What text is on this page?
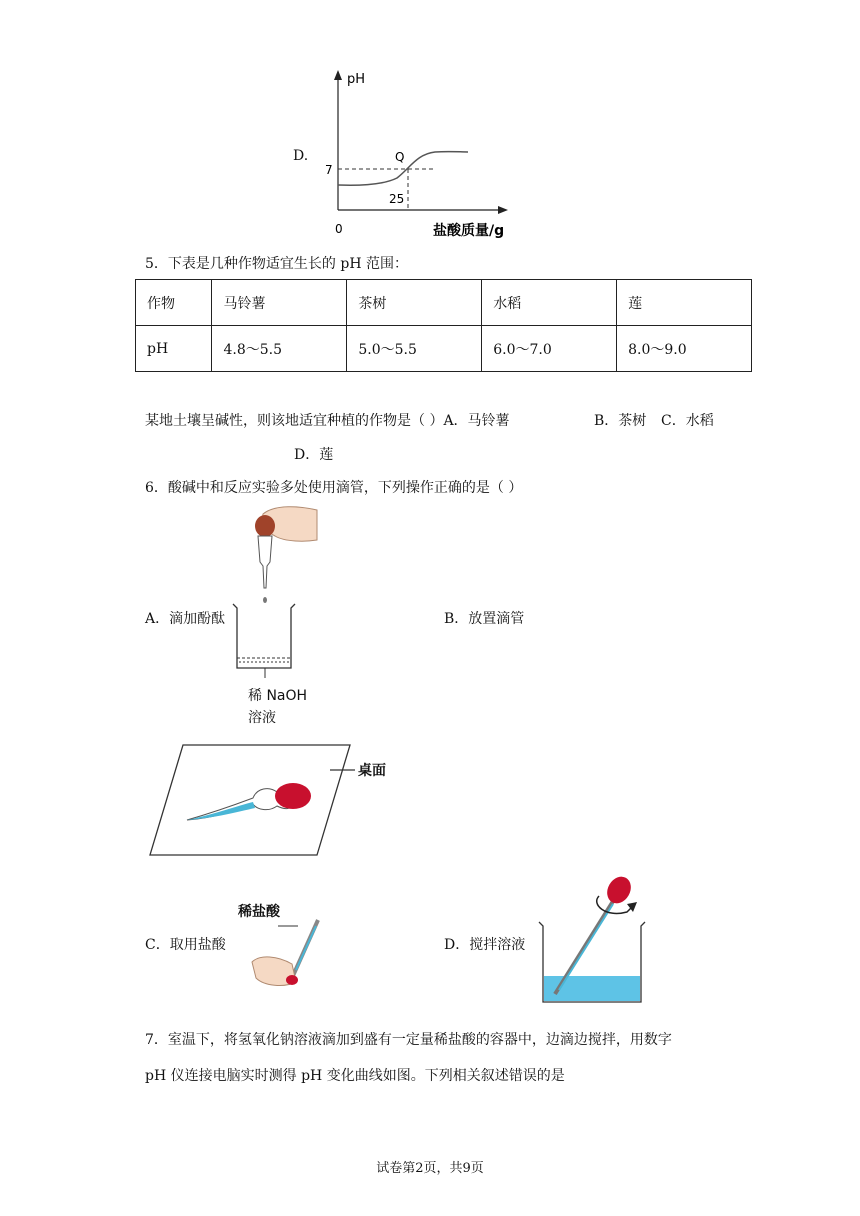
D.
pH
7
Q
25
0	盐酸质量/g
5．下表是几种作物适宜生长的 pH 范围：
作物	马铃薯	茶树	水稻	莲
pH	4.8～5.5	5.0～5.5	6.0～7.0	8.0～9.0
某地土壤呈碱性，则该地适宜种植的作物是（ ）A．马铃薯	B．茶树 C．水稻
D．莲
6．酸碱中和反应实验多处使用滴管，下列操作正确的是（ ）
A．滴加酚酞	B．放置滴管
稀 NaOH
溶液
桌面
稀盐酸
C．取用盐酸	D．搅拌溶液
7．室温下，将氢氧化钠溶液滴加到盛有一定量稀盐酸的容器中，边滴边搅拌，用数字
pH 仪连接电脑实时测得 pH 变化曲线如图。下列相关叙述错误的是
试卷第2页，共9页
